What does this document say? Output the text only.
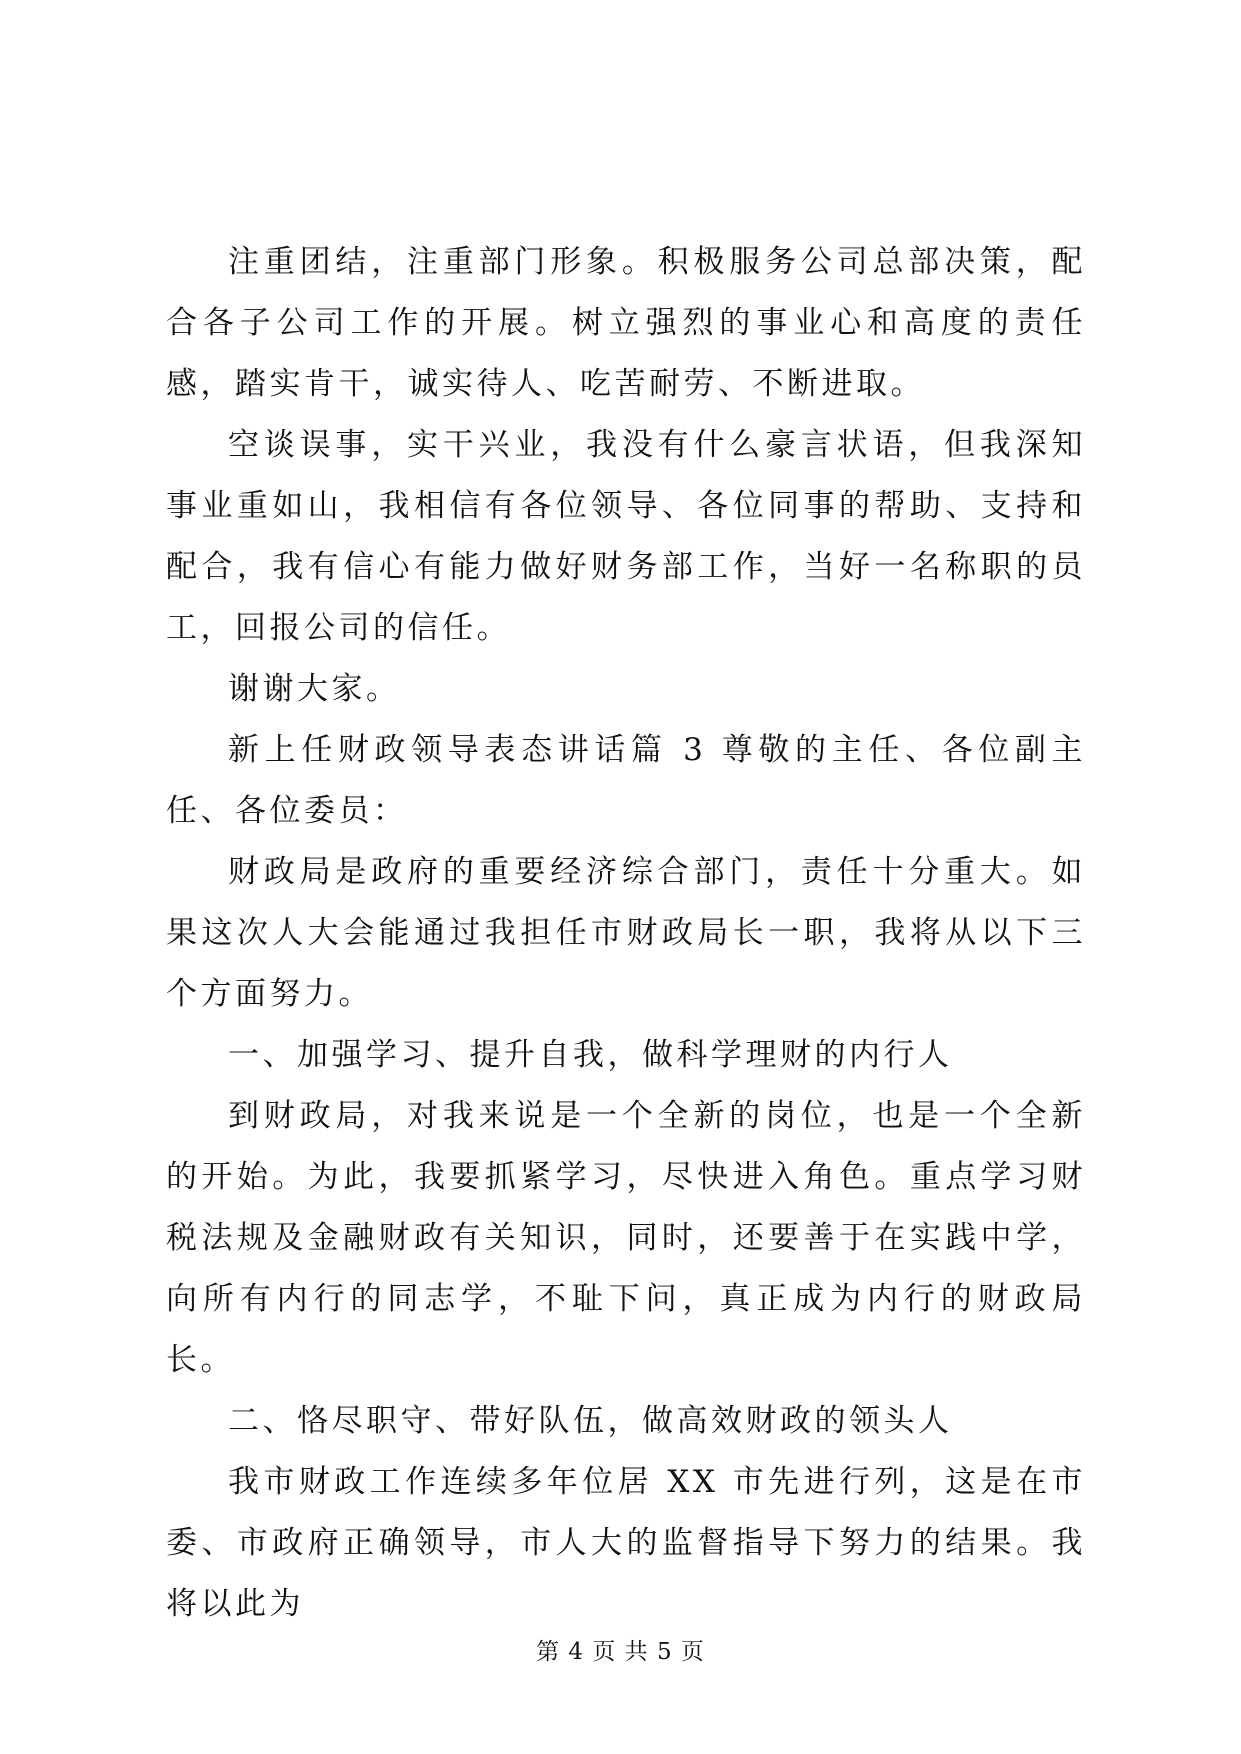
注重团结，注重部门形象。积极服务公司总部决策，配合各子公司工作的开展。树立强烈的事业心和高度的责任感，踏实肯干，诚实待人、吃苦耐劳、不断进取。

空谈误事，实干兴业，我没有什么豪言状语，但我深知事业重如山，我相信有各位领导、各位同事的帮助、支持和配合，我有信心有能力做好财务部工作，当好一名称职的员工，回报公司的信任。

谢谢大家。

新上任财政领导表态讲话篇 3 尊敬的主任、各位副主任、各位委员：

财政局是政府的重要经济综合部门，责任十分重大。如果这次人大会能通过我担任市财政局长一职，我将从以下三个方面努力。

一、加强学习、提升自我，做科学理财的内行人

到财政局，对我来说是一个全新的岗位，也是一个全新的开始。为此，我要抓紧学习，尽快进入角色。重点学习财税法规及金融财政有关知识，同时，还要善于在实践中学，向所有内行的同志学，不耻下问，真正成为内行的财政局长。

二、恪尽职守、带好队伍，做高效财政的领头人

我市财政工作连续多年位居 XX 市先进行列，这是在市委、市政府正确领导，市人大的监督指导下努力的结果。我将以此为

第 4 页 共 5 页
